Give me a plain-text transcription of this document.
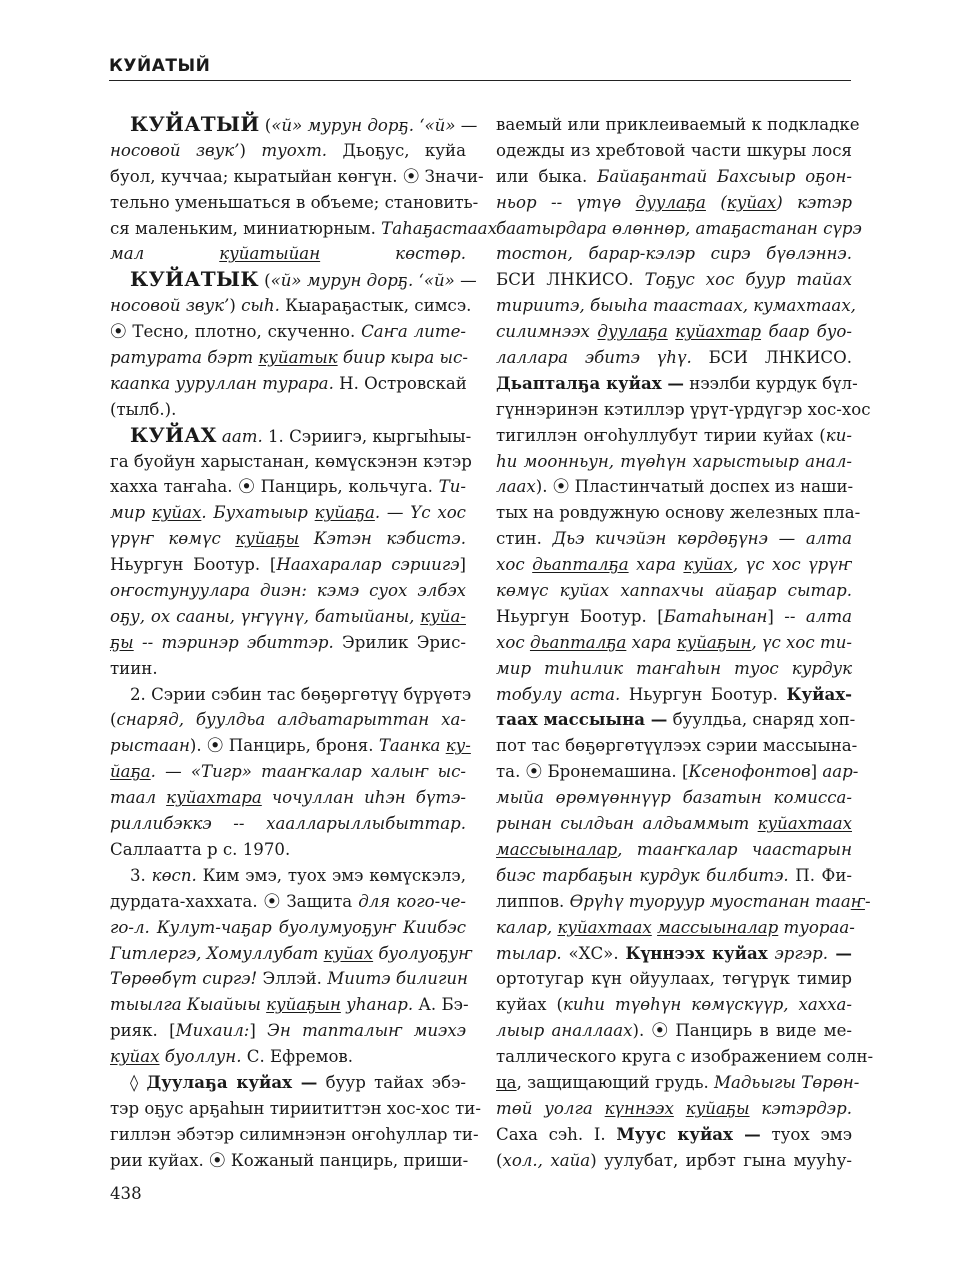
КУЙАТЫЙ
КУЙАТЫЙ («й» мурун дорҕ. ‘«й» —
носовой звук’) туохт. Дьоҕус, куйа
буол, куччаа; кыратыйан көҥүн. ⦿ Значи-
тельно уменьшаться в объеме; становить-
ся маленьким, миниатюрным. Таһаҕастаах
мал куйатыйан көстөр.
КУЙАТЫК («й» мурун дорҕ. ‘«й» —
носовой звук’) сыһ. Кыараҕастык, симсэ.
⦿ Тесно, плотно, скученно. Саҥа лите-
ратурата бэрт куйатык биир кыра ыс-
каапка ууруллан турара. Н. Островскай
(тылб.).
КУЙАХ аат. 1. Сэриигэ, кыргыһыы-
га буойун харыстанан, көмүскэнэн кэтэр
хахха таҥаһа. ⦿ Панцирь, кольчуга. Ти-
мир куйах. Бухатыыр куйаҕа. — Үс хос
үрүҥ көмүс куйаҕы Кэтэн кэбистэ.
Ньургун Боотур. [Наахаралар сэриигэ]
оҥостунуулара диэн: кэмэ суох элбэх
оҕу, ох сааны, үҥүүнү, батыйаны, куйа-
ҕы -- тэринэр эбиттэр. Эрилик Эрис-
тиин.
2. Сэрии сэбин тас бөҕөргөтүү бүрүөтэ
(снаряд, буулдьа алдьатарыттан ха-
рыстаан). ⦿ Панцирь, броня. Таанка ку-
йаҕа. — «Тигр» тааҥкалар халыҥ ыс-
таал куйахтара чочуллан иһэн бүтэ-
риллибэккэ -- хаалларыллыбыттар.
Саллаатта р с. 1970.
3. көсп. Ким эмэ, туох эмэ көмүскэлэ,
дурдата-хаххата. ⦿ Защита для кого-че-
го-л. Кулут-чаҕар буолумуоҕуҥ Киибэс
Гитлергэ, Хомуллубат куйах буолуоҕуҥ
Төрөөбүт сиргэ! Эллэй. Миитэ билигин
тыылга Кыайыы куйаҕын уһанар. А. Бэ-
рияк. [Михаил:] Эн тапталыҥ миэхэ
куйах буоллун. С. Ефремов.
◊ Дуулаҕа куйах — буур тайах эбэ-
тэр оҕус арҕаһын тириититтэн хос-хос ти-
гиллэн эбэтэр силимнэнэн оҥоһуллар ти-
рии куйах. ⦿ Кожаный панцирь, приши-
ваемый или приклеиваемый к подкладке
одежды из хребтовой части шкуры лося
или быка. Байаҕантай Бахсыыр оҕон-
ньор -- үтүө дуулаҕа (куйах) кэтэр
баатырдара өлөннөр, атаҕастанан сүрэ
тостон, барар-кэлэр сирэ бүөлэннэ.
БСИ ЛНКИСО. Тоҕус хос буур тайах
тириитэ, быыһа таастаах, кумахтаах,
силимнээх дуулаҕа куйахтар баар буо-
лаллара эбитэ үһү. БСИ ЛНКИСО.
Дьапталҕа куйах — нээлби курдук бүл-
гүннэринэн кэтиллэр үрүт-үрдүгэр хос-хос
тигиллэн оҥоһуллубут тирии куйах (ки-
һи моонньун, түөһүн харыстыыр анал-
лаах). ⦿ Пластинчатый доспех из наши-
тых на ровдужную основу железных пла-
стин. Дьэ кичэйэн көрдөҕүнэ — алта
хос дьапталҕа хара куйах, үс хос үрүҥ
көмүс куйах хаппахчы айаҕар сытар.
Ньургун Боотур. [Батаһынан] -- алта
хос дьапталҕа хара куйаҕын, үс хос ти-
мир тиһилик таҥаһын туос курдук
тобулу аста. Ньургун Боотур. Куйах-
таах массыына — буулдьа, снаряд хоп-
пот тас бөҕөргөтүүлээх сэрии массыына-
та. ⦿ Бронемашина. [Ксенофонтов] аар-
мыйа өрөмүөннүүр базатын комисса-
рынан сылдьан алдьаммыт куйахтаах
массыыналар, тааҥкалар чаастарын
биэс тарбаҕын курдук билбитэ. П. Фи-
липпов. Өрүһү туоруур муостанан тааҥ-
калар, куйахтаах массыыналар туораа-
тылар. «ХС». Күннээх куйах эргэр. —
ортотугар күн ойуулаах, төгүрүк тимир
куйах (киһи түөһүн көмүскүүр, хахха-
лыыр аналлаах). ⦿ Панцирь в виде ме-
таллического круга с изображением солн-
ца, защищающий грудь. Мадьыгы Төрөн-
төй уолга күннээх куйаҕы кэтэрдэр.
Саха сэһ. I. Муус куйах — туох эмэ
(хол., хайа) уулубат, ирбэт гына мууһу-
438
